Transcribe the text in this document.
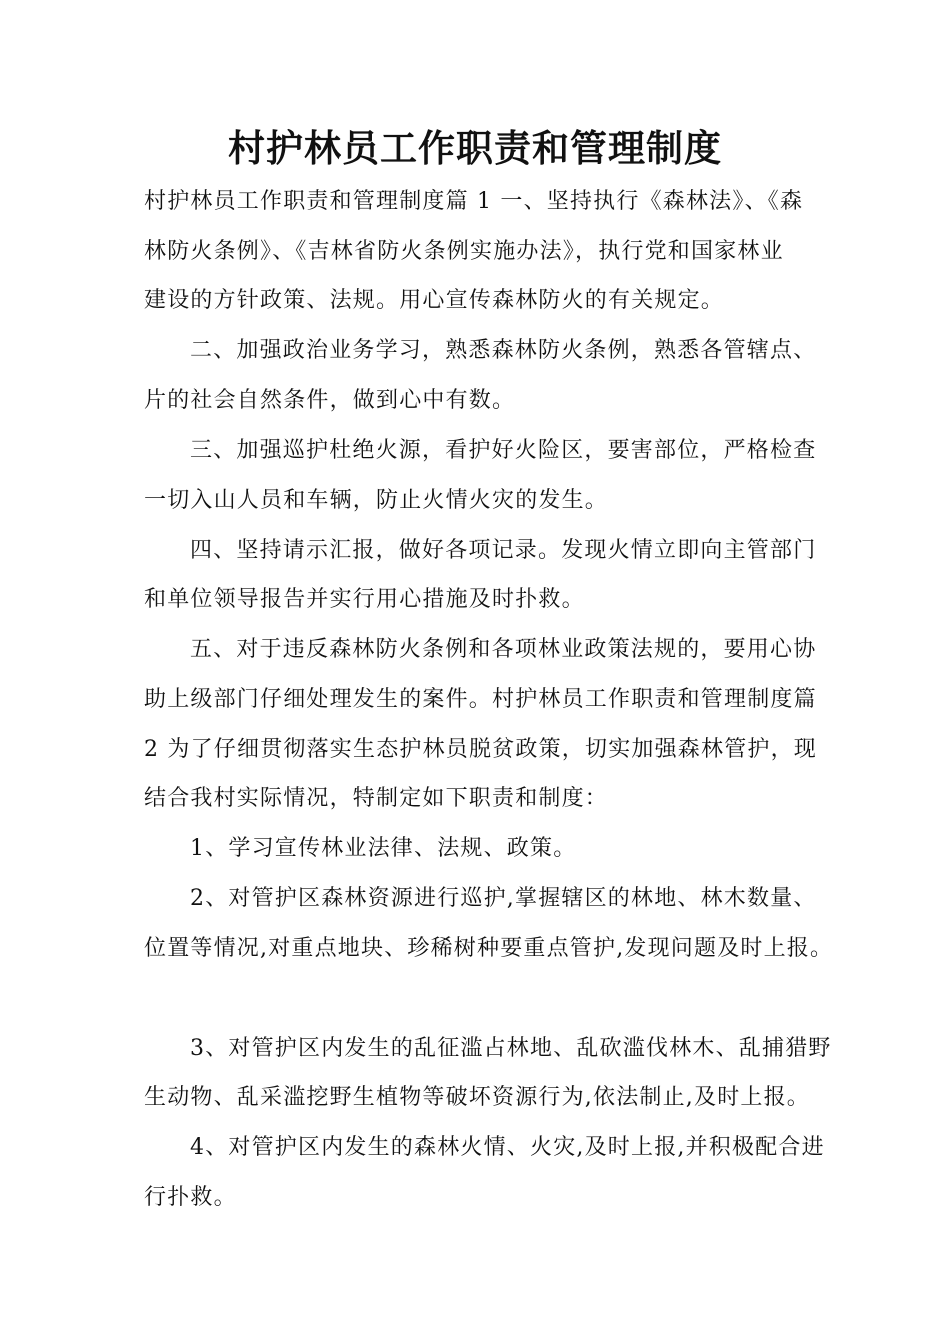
村护林员工作职责和管理制度
村护林员工作职责和管理制度篇 1 一、坚持执行《森林法》、《森
林防火条例》、《吉林省防火条例实施办法》，执行党和国家林业
建设的方针政策、法规。用心宣传森林防火的有关规定。
二、加强政治业务学习，熟悉森林防火条例，熟悉各管辖点、
片的社会自然条件，做到心中有数。
三、加强巡护杜绝火源，看护好火险区，要害部位，严格检查
一切入山人员和车辆，防止火情火灾的发生。
四、坚持请示汇报，做好各项记录。发现火情立即向主管部门
和单位领导报告并实行用心措施及时扑救。
五、对于违反森林防火条例和各项林业政策法规的，要用心协
助上级部门仔细处理发生的案件。村护林员工作职责和管理制度篇
2 为了仔细贯彻落实生态护林员脱贫政策，切实加强森林管护，现
结合我村实际情况，特制定如下职责和制度：
1、学习宣传林业法律、法规、政策。
2、对管护区森林资源进行巡护,掌握辖区的林地、林木数量、
位置等情况,对重点地块、珍稀树种要重点管护,发现问题及时上报。
3、对管护区内发生的乱征滥占林地、乱砍滥伐林木、乱捕猎野
生动物、乱采滥挖野生植物等破坏资源行为,依法制止,及时上报。
4、对管护区内发生的森林火情、火灾,及时上报,并积极配合进
行扑救。
